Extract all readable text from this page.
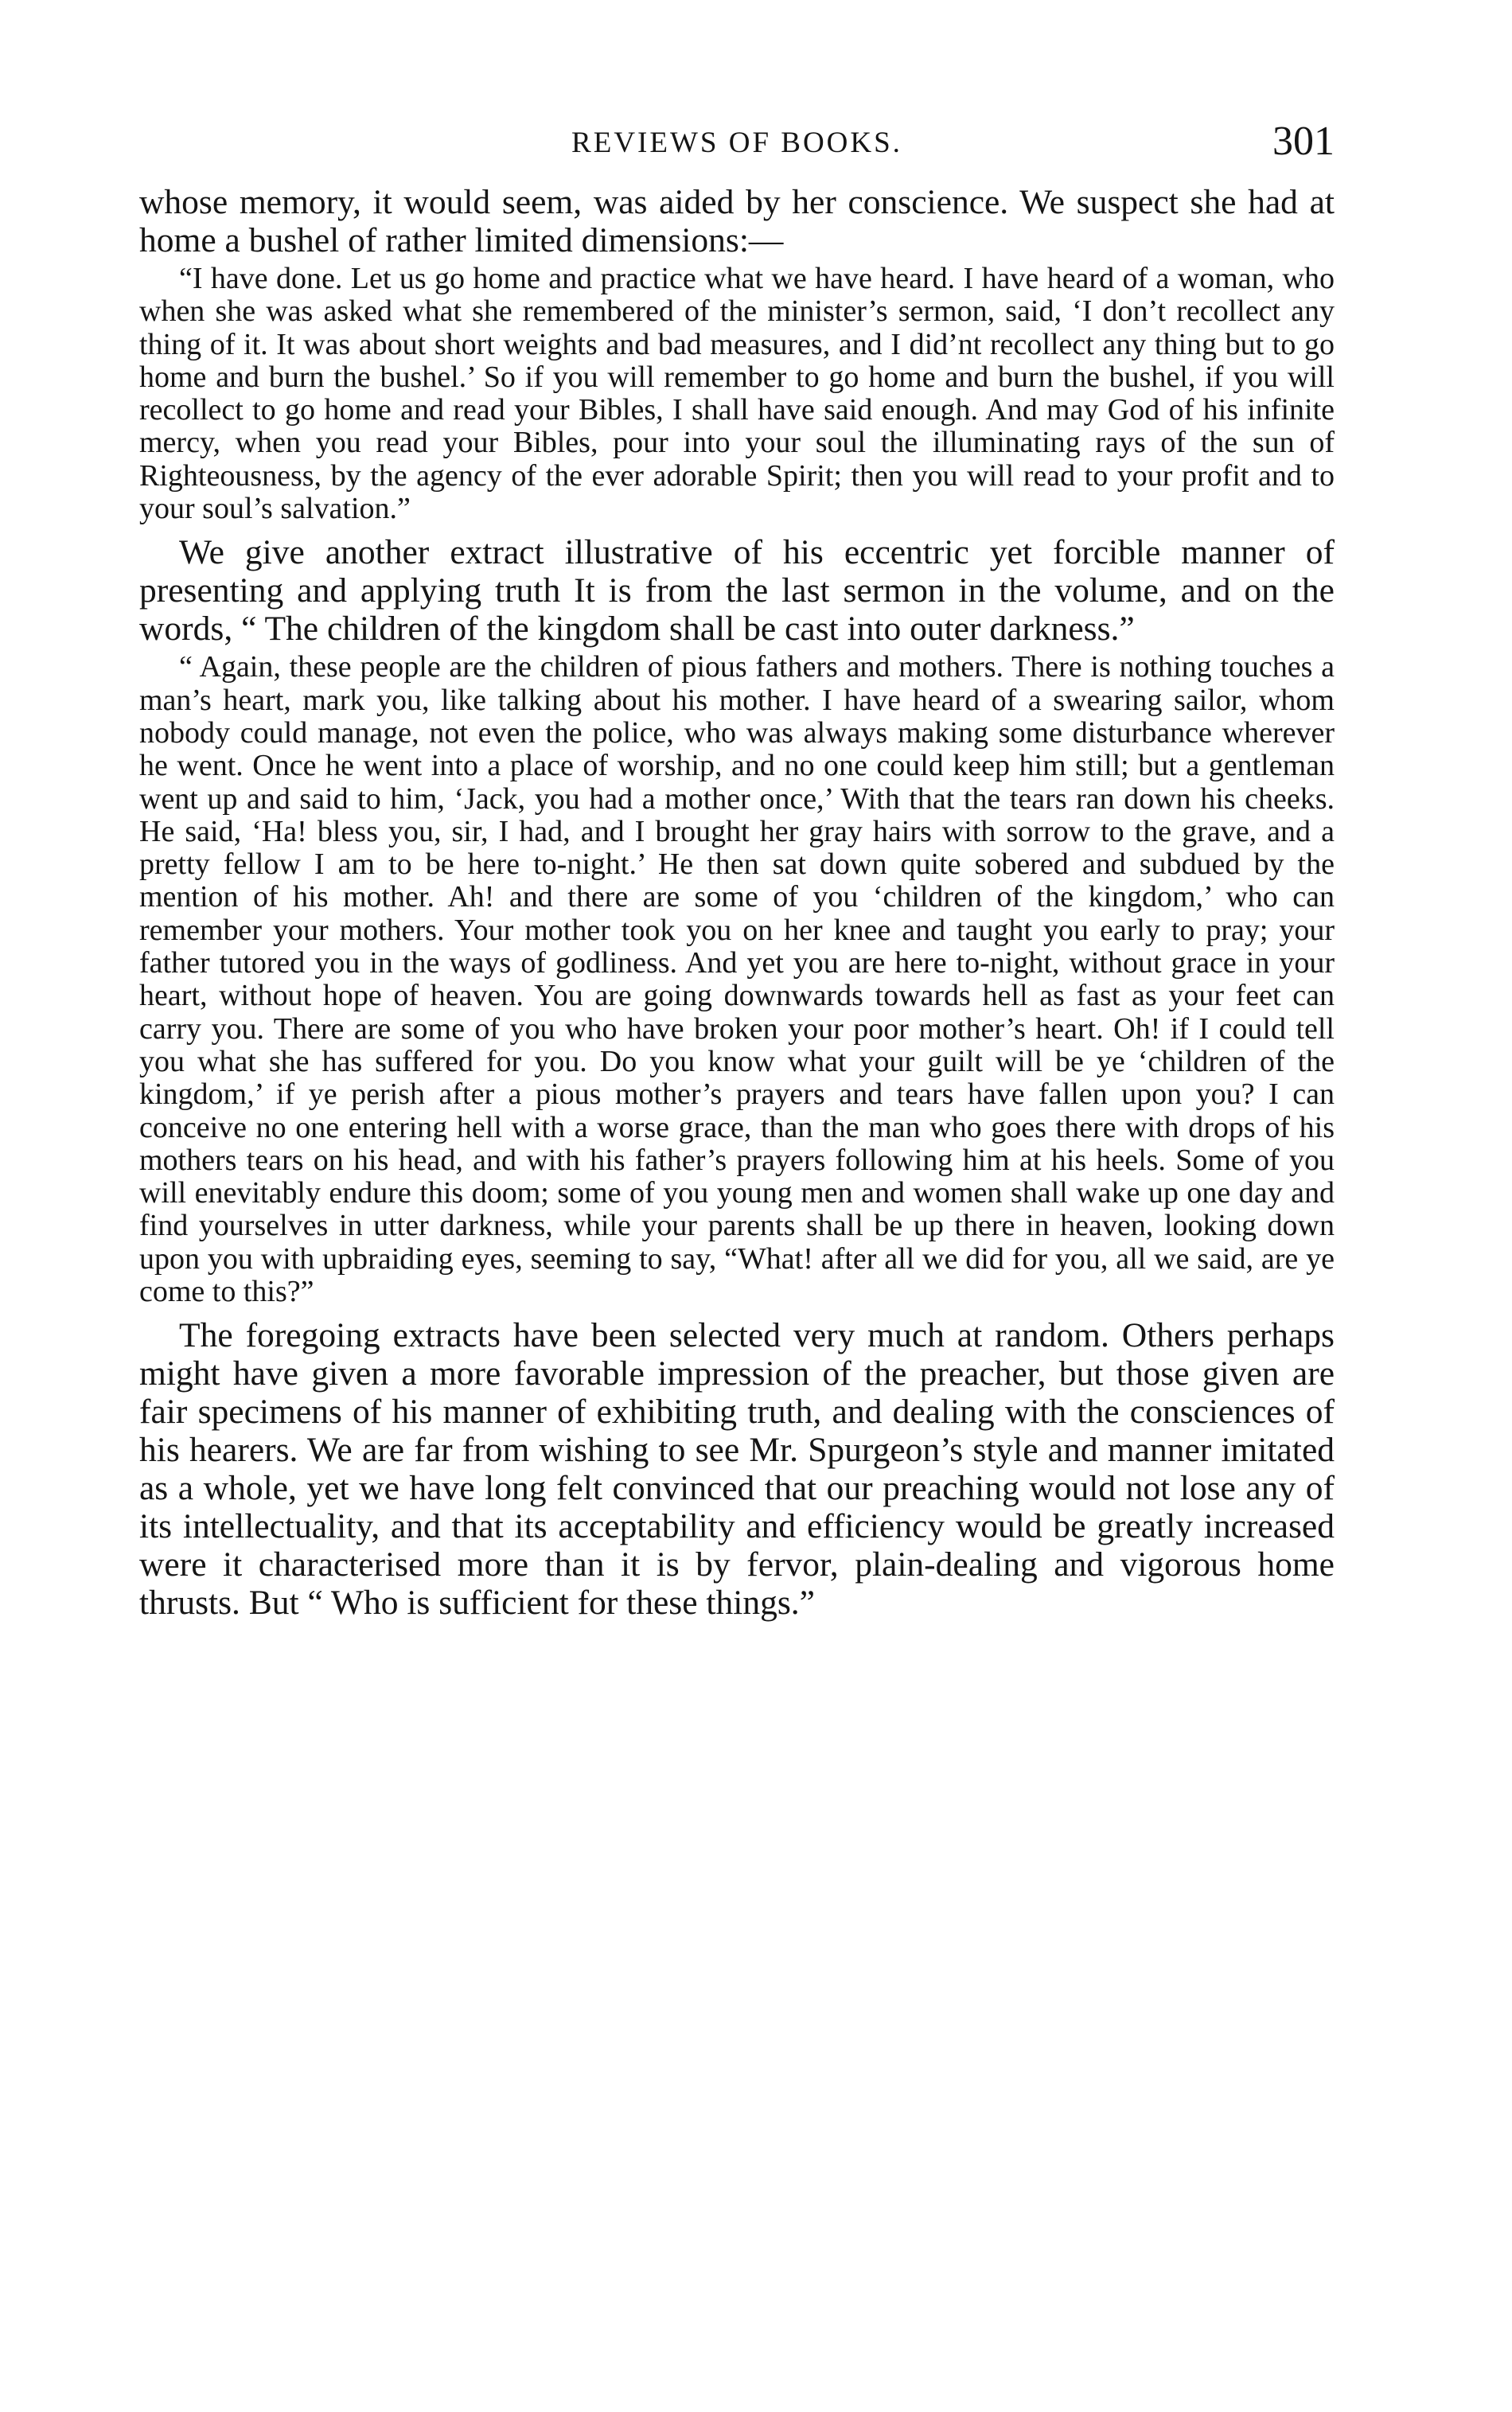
REVIEWS OF BOOKS.	301

whose memory, it would seem, was aided by her conscience. We suspect she had at home a bushel of rather limited dimensions:—

“I have done. Let us go home and practice what we have heard. I have heard of a woman, who when she was asked what she remembered of the minister’s sermon, said, ‘I don’t recollect any thing of it. It was about short weights and bad measures, and I did’nt recollect any thing but to go home and burn the bushel.’ So if you will remember to go home and burn the bushel, if you will recollect to go home and read your Bibles, I shall have said enough. And may God of his infinite mercy, when you read your Bibles, pour into your soul the illuminating rays of the sun of Righteousness, by the agency of the ever adorable Spirit; then you will read to your profit and to your soul’s salvation.”

We give another extract illustrative of his eccentric yet forcible manner of presenting and applying truth It is from the last sermon in the volume, and on the words, “ The children of the kingdom shall be cast into outer darkness.”

“ Again, these people are the children of pious fathers and mothers. There is nothing touches a man’s heart, mark you, like talking about his mother. I have heard of a swearing sailor, whom nobody could manage, not even the police, who was always making some disturbance wherever he went. Once he went into a place of worship, and no one could keep him still; but a gentleman went up and said to him, ‘Jack, you had a mother once,’ With that the tears ran down his cheeks. He said, ‘Ha! bless you, sir, I had, and I brought her gray hairs with sorrow to the grave, and a pretty fellow I am to be here to-night.’ He then sat down quite sobered and subdued by the mention of his mother. Ah! and there are some of you ‘children of the kingdom,’ who can remember your mothers. Your mother took you on her knee and taught you early to pray; your father tutored you in the ways of godliness. And yet you are here to-night, without grace in your heart, without hope of heaven. You are going downwards towards hell as fast as your feet can carry you. There are some of you who have broken your poor mother’s heart. Oh! if I could tell you what she has suffered for you. Do you know what your guilt will be ye ‘children of the kingdom,’ if ye perish after a pious mother’s prayers and tears have fallen upon you? I can conceive no one entering hell with a worse grace, than the man who goes there with drops of his mothers tears on his head, and with his father’s prayers following him at his heels. Some of you will enevitably endure this doom; some of you young men and women shall wake up one day and find yourselves in utter darkness, while your parents shall be up there in heaven, looking down upon you with upbraiding eyes, seeming to say, “What! after all we did for you, all we said, are ye come to this?”

The foregoing extracts have been selected very much at random. Others perhaps might have given a more favorable impression of the preacher, but those given are fair specimens of his manner of exhibiting truth, and dealing with the consciences of his hearers. We are far from wishing to see Mr. Spurgeon’s style and manner imitated as a whole, yet we have long felt convinced that our preaching would not lose any of its intellectuality, and that its acceptability and efficiency would be greatly increased were it characterised more than it is by fervor, plain-dealing and vigorous home thrusts. But “ Who is sufficient for these things.”
